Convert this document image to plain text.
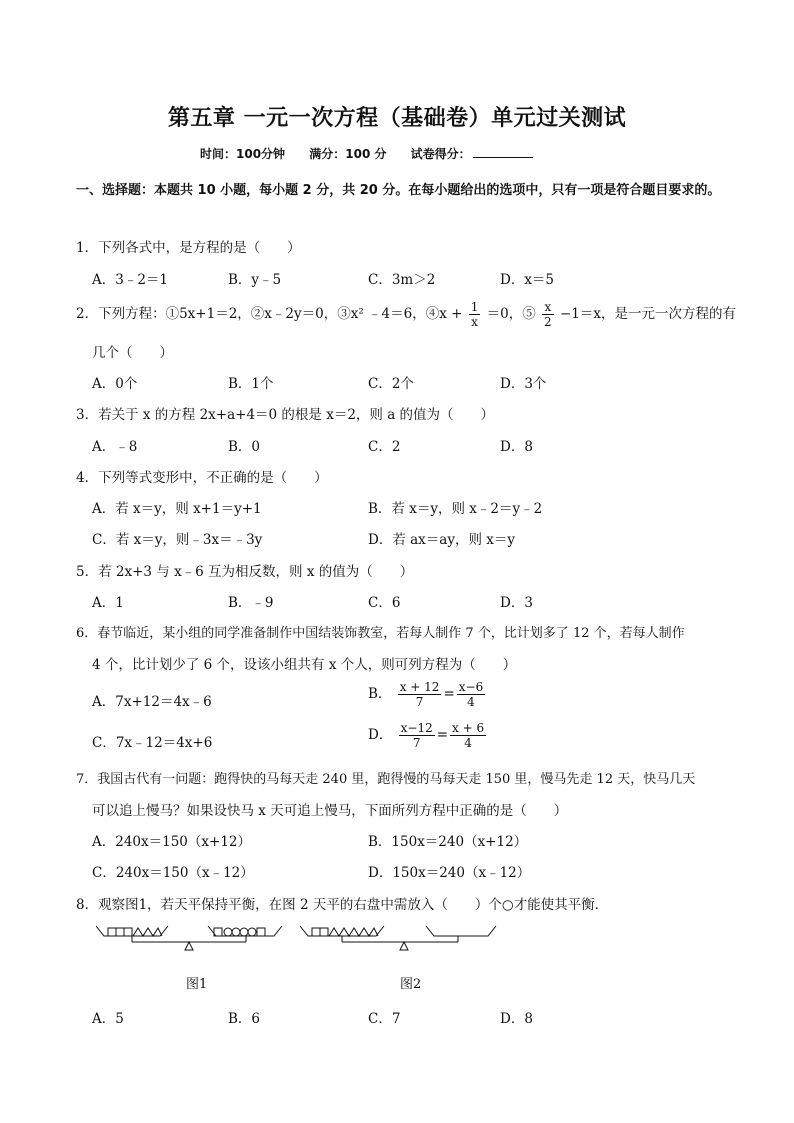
第五章 一元一次方程（基础卷）单元过关测试
时间：100分钟 满分：100 分 试卷得分：
一、选择题：本题共 10 小题，每小题 2 分，共 20 分。在每小题给出的选项中，只有一项是符合题目要求的。
1．下列各式中，是方程的是（　　）
A．3﹣2＝1	B．y﹣5	C．3m＞2	D．x＝5
2．下列方程：①5x+1＝2，②x﹣2y＝0，③x² ﹣4＝6，④x + $\frac{1}{x} =0$，⑤ $\frac{x}{2} -1=x$，是一元一次方程的有
几个（　　）
A．0个	B．1个	C．2个	D．3个
3．若关于 x 的方程 2x+a+4＝0 的根是 x＝2，则 a 的值为（　　）
A．﹣8	B．0	C．2	D．8
4．下列等式变形中，不正确的是（　　）
A．若 x＝y，则 x+1＝y+1	B．若 x＝y，则 x﹣2＝y﹣2
C．若 x＝y，则﹣3x＝﹣3y	D．若 ax＝ay，则 x＝y
5．若 2x+3 与 x﹣6 互为相反数，则 x 的值为（　　）
A．1	B．﹣9	C．6	D．3
6．春节临近，某小组的同学准备制作中国结装饰教室，若每人制作 7 个，比计划多了 12 个，若每人制作
4 个，比计划少了 6 个，设该小组共有 x 个人，则可列方程为（　　）
A．7x+12＝4x﹣6	B． $\frac{x + 12}{7} = \frac{x-6}{4}$
C．7x﹣12＝4x+6	D． $\frac{x-12}{7} = \frac{x + 6}{4}$
7．我国古代有一问题：跑得快的马每天走 240 里，跑得慢的马每天走 150 里，慢马先走 12 天，快马几天
可以追上慢马？如果设快马 x 天可追上慢马，下面所列方程中正确的是（　　）
A．240x＝150（x+12）	B．150x＝240（x+12）
C．240x＝150（x﹣12）	D．150x＝240（x﹣12）
8．观察图1，若天平保持平衡，在图 2 天平的右盘中需放入（　　）个○才能使其平衡．
图1	图2
A．5	B．6	C．7	D．8
